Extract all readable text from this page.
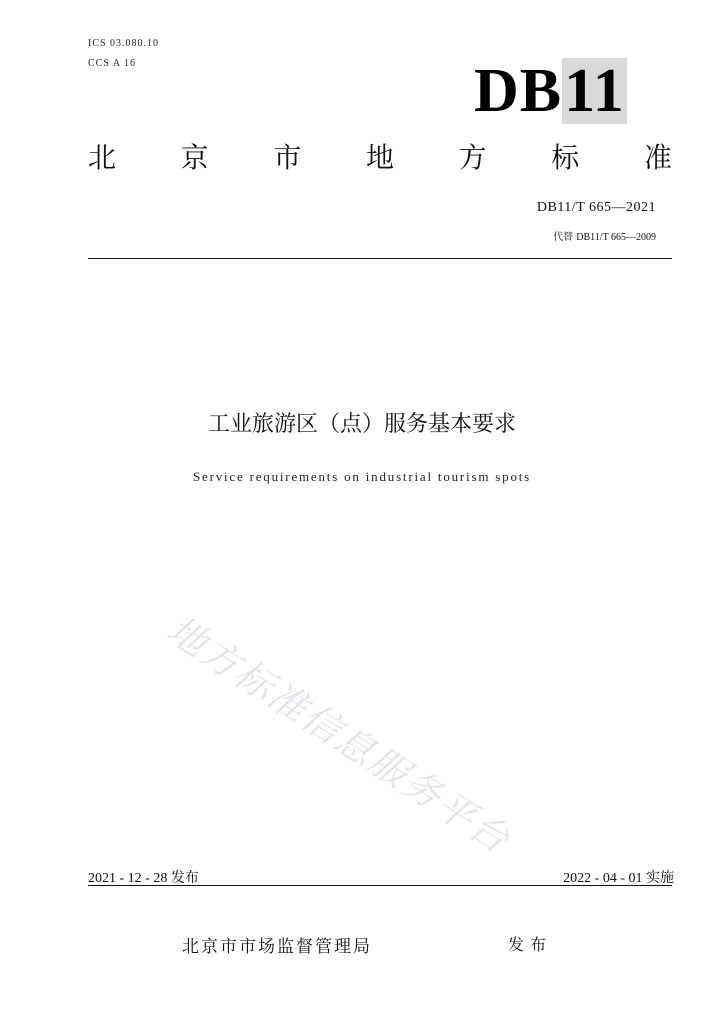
ICS 03.080.10
CCS A 16	DB11
北 京 市 地 方 标 准
DB11/T 665—2021
代替 DB11/T 665—2009
工业旅游区（点）服务基本要求
Service requirements on industrial tourism spots
地方标准信息服务平台
2021 - 12 - 28 发布	2022 - 04 - 01 实施
北京市市场监督管理局	发布
